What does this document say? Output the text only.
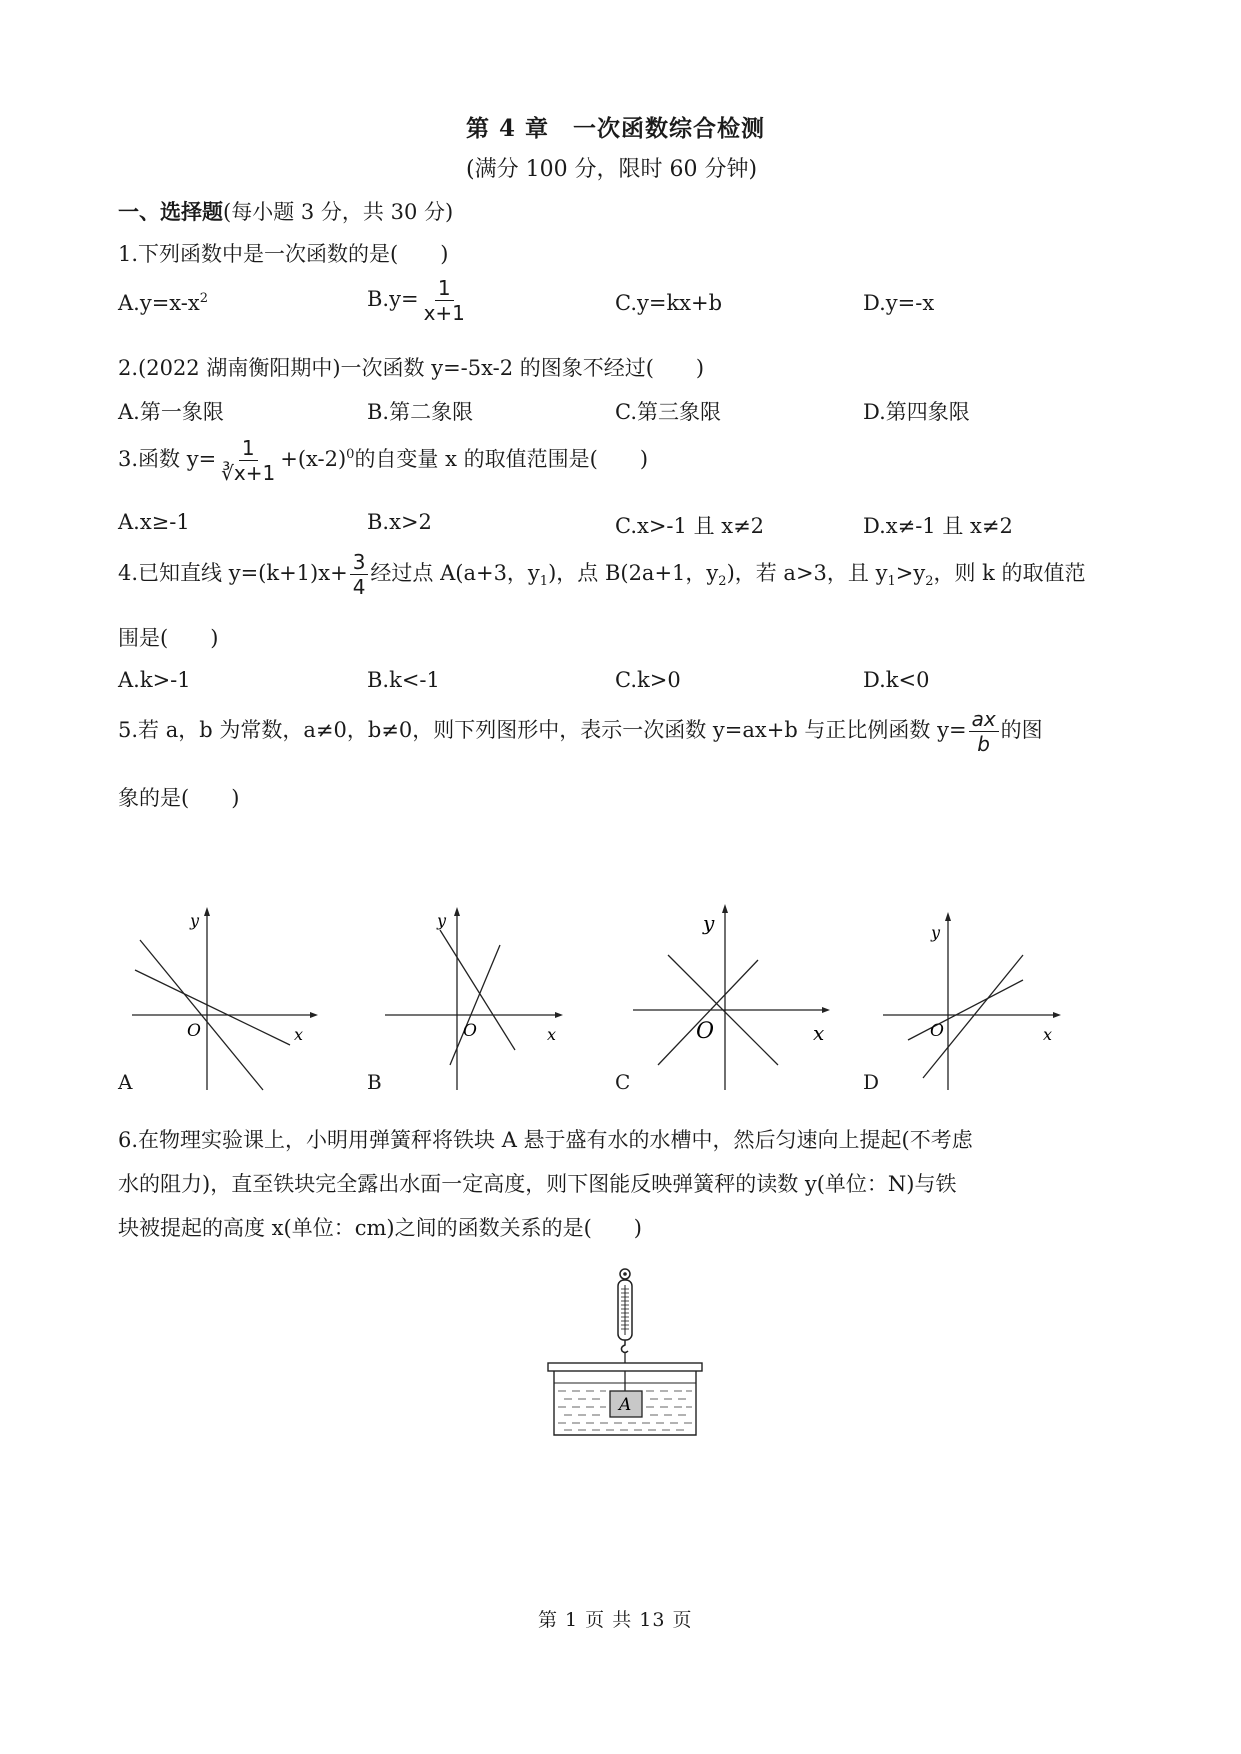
第 4 章　一次函数综合检测
(满分 100 分，限时 60 分钟)
一、选择题(每小题 3 分，共 30 分)
1.下列函数中是一次函数的是(　　)
$A.y=x-x^2$	$B.y= \frac{1}{x+1}$	C.y=kx+b	D.y=-x
2.(2022 湖南衡阳期中)一次函数 y=-5x-2 的图象不经过(　　)
A.第一象限	B.第二象限	C.第三象限	D.第四象限
3.函数 $y= \frac{1}{∛x+1} +(x-2)^0$的自变量 x 的取值范围是(　　)
A.x≥-1	B.x>2	C.x>-1 且 x≠2	D.x≠-1 且 x≠2
4.已知直线 $y=(k+1)x+ \frac{3}{4}$ 经过点 A(a+3，$y_1$)，点 B(2a+1，$y_2$)，若 a>3，且 $y_1>y_2$，则 k 的取值范
围是(　　)
A.k>-1	B.k<-1	C.k>0	D.k<0
5.若 a，b 为常数，a≠0，b≠0，则下列图形中，表示一次函数 y=ax+b 与正比例函数 $y= \frac{ax}{b}$ 的图
象的是(　　)
y
O	x
A
y
O	x
B
y
O	x
C
y
O	x
D
6.在物理实验课上，小明用弹簧秤将铁块 A 悬于盛有水的水槽中，然后匀速向上提起(不考虑
水的阻力)，直至铁块完全露出水面一定高度，则下图能反映弹簧秤的读数 y(单位：N)与铁
块被提起的高度 x(单位：cm)之间的函数关系的是(　　)
A
第 1 页 共 13 页
